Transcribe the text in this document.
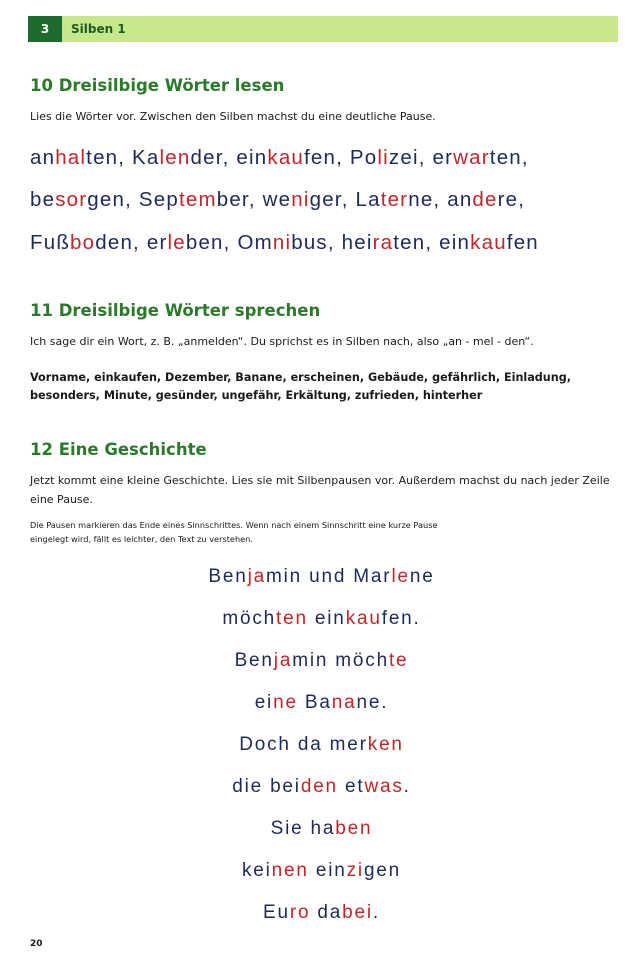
3	Silben 1
10 Dreisilbige Wörter lesen
Lies die Wörter vor. Zwischen den Silben machst du eine deutliche Pause.
anhalten, Kalender, einkaufen, Polizei, erwarten,
besorgen, September, weniger, Laterne, andere,
Fußboden, erleben, Omnibus, heiraten, einkaufen
11 Dreisilbige Wörter sprechen
Ich sage dir ein Wort, z. B. „anmelden“. Du sprichst es in Silben nach, also „an - mel - den“.
Vorname, einkaufen, Dezember, Banane, erscheinen, Gebäude, gefährlich, Einladung, besonders, Minute, gesünder, ungefähr, Erkältung, zufrieden, hinterher
12 Eine Geschichte
Jetzt kommt eine kleine Geschichte. Lies sie mit Silbenpausen vor. Außerdem machst du nach jeder Zeile eine Pause.
Die Pausen markieren das Ende eines Sinnschrittes. Wenn nach einem Sinnschritt eine kurze Pause eingelegt wird, fällt es leichter, den Text zu verstehen.
Benjamin und Marlene
möchten einkaufen.
Benjamin möchte
eine Banane.
Doch da merken
die beiden etwas.
Sie haben
keinen einzigen
Euro dabei.
20
